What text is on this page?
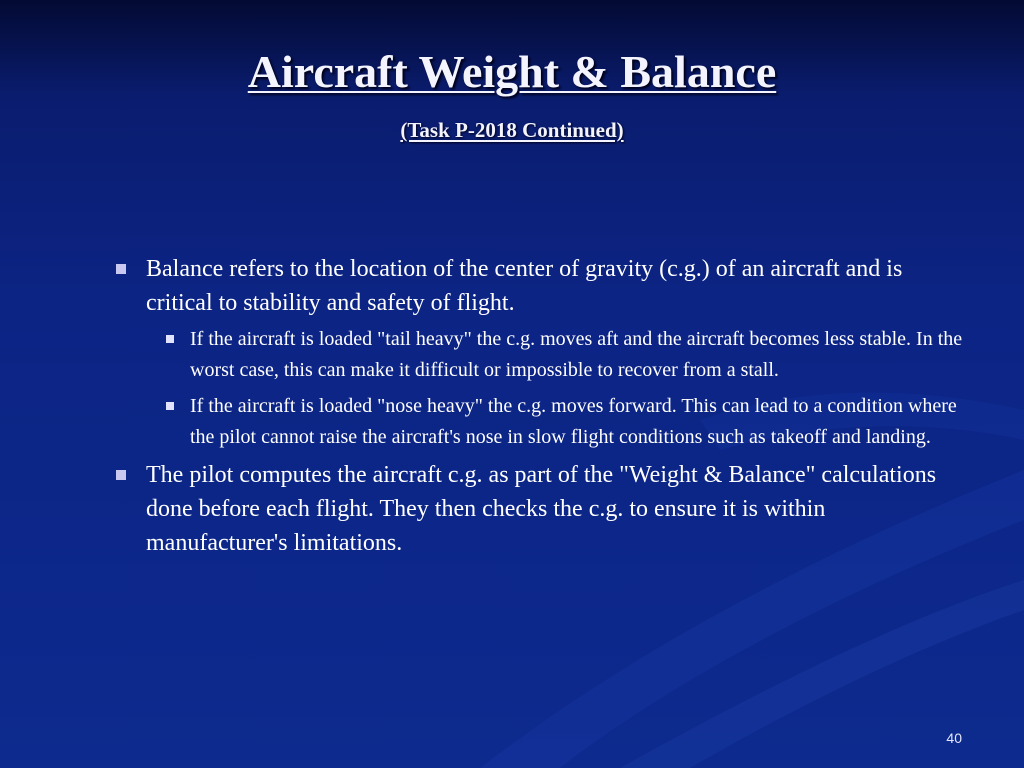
Aircraft Weight & Balance
(Task P-2018 Continued)
Balance refers to the location of the center of gravity (c.g.) of an aircraft and is critical to stability and safety of flight.
If the aircraft is loaded "tail heavy" the c.g. moves aft and the aircraft becomes less stable. In the worst case, this can make it difficult or impossible to recover from a stall.
If the aircraft is loaded "nose heavy" the c.g. moves forward. This can lead to a condition where the pilot cannot raise the aircraft's nose in slow flight conditions such as takeoff and landing.
The pilot computes the aircraft c.g. as part of the "Weight & Balance" calculations done before each flight. They then checks the c.g. to ensure it is within manufacturer's limitations.
40
